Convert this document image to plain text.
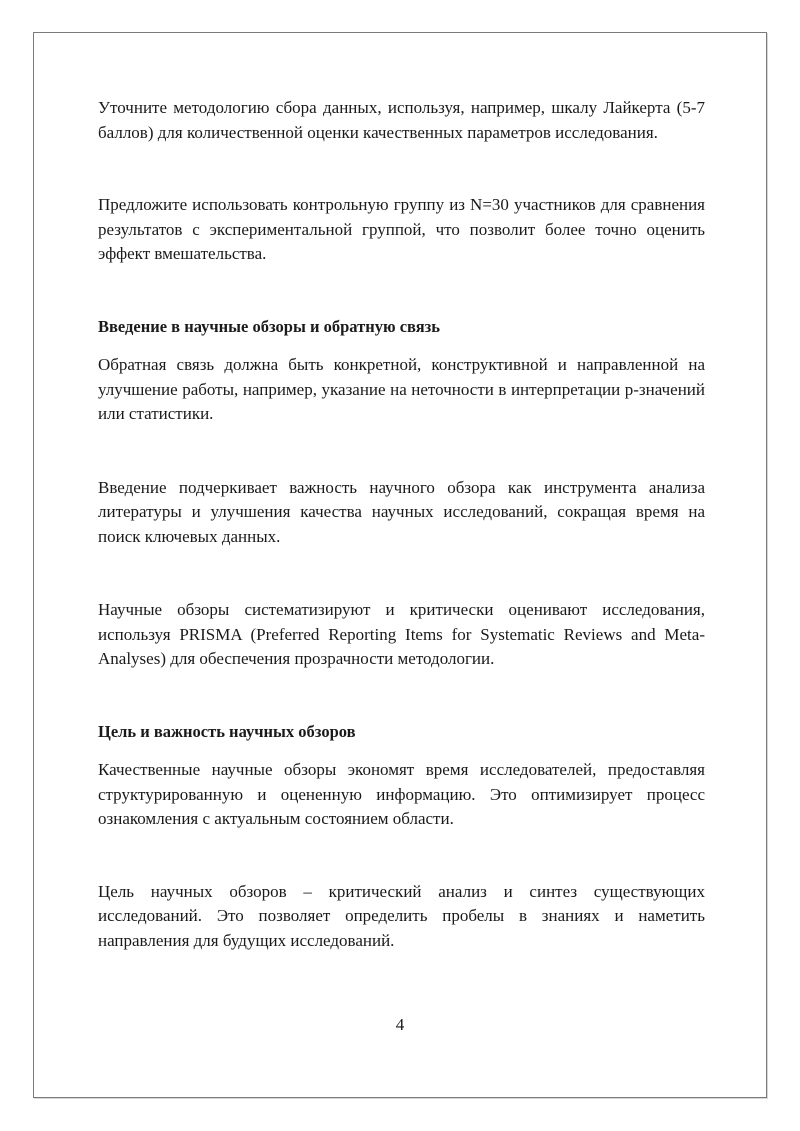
Уточните методологию сбора данных, используя, например, шкалу Лайкерта (5-7 баллов) для количественной оценки качественных параметров исследования.

Предложите использовать контрольную группу из N=30 участников для сравнения результатов с экспериментальной группой, что позволит более точно оценить эффект вмешательства.

Введение в научные обзоры и обратную связь

Обратная связь должна быть конкретной, конструктивной и направленной на улучшение работы, например, указание на неточности в интерпретации p-значений или статистики.

Введение подчеркивает важность научного обзора как инструмента анализа литературы и улучшения качества научных исследований, сокращая время на поиск ключевых данных.

Научные обзоры систематизируют и критически оценивают исследования, используя PRISMA (Preferred Reporting Items for Systematic Reviews and Meta-Analyses) для обеспечения прозрачности методологии.

Цель и важность научных обзоров

Качественные научные обзоры экономят время исследователей, предоставляя структурированную и оцененную информацию. Это оптимизирует процесс ознакомления с актуальным состоянием области.

Цель научных обзоров – критический анализ и синтез существующих исследований. Это позволяет определить пробелы в знаниях и наметить направления для будущих исследований.

4
